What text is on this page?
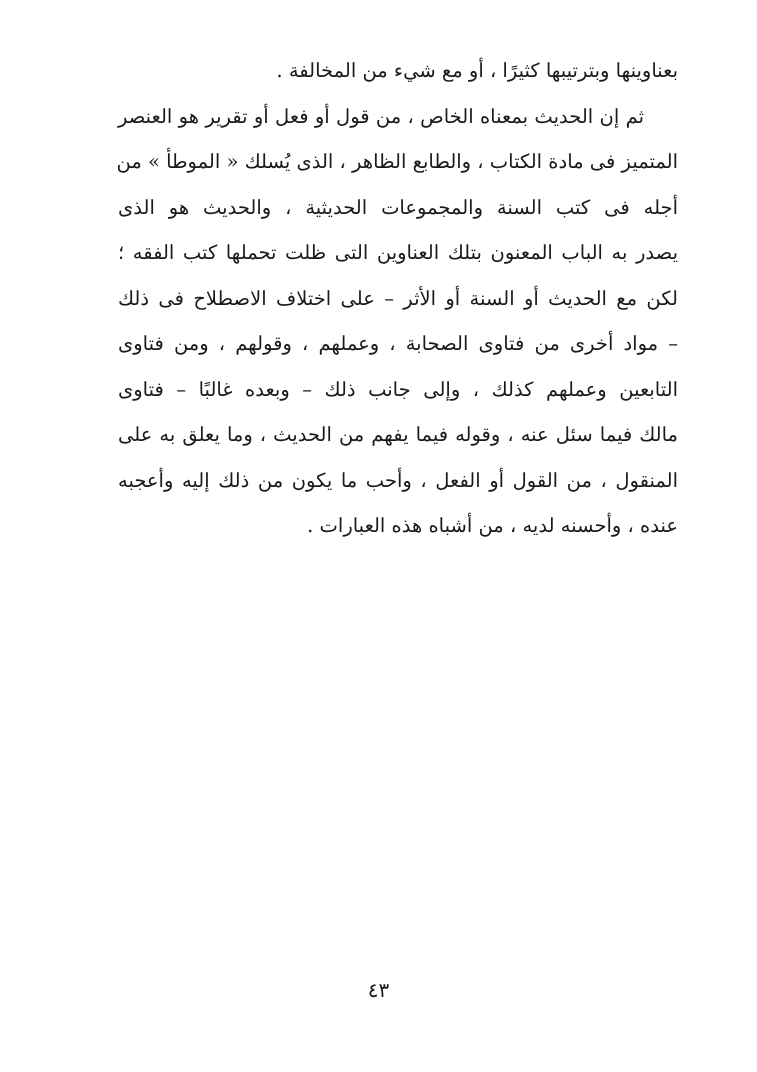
بعناوينها وبترتيبها كثيرًا ، أو مع شيء من المخالفة .
ثم إن الحديث بمعناه الخاص ، من قول أو فعل أو تقرير هو العنصر
المتميز فى مادة الكتاب ، والطابع الظاهر ، الذى يُسلك « الموطأ » من
أجله فى كتب السنة والمجموعات الحديثية ، والحديث هو الذى
يصدر به الباب المعنون بتلك العناوين التى ظلت تحملها كتب الفقه ؛
لكن مع الحديث أو السنة أو الأثر – على اختلاف الاصطلاح فى ذلك
– مواد أخرى من فتاوى الصحابة ، وعملهم ، وقولهم ، ومن فتاوى
التابعين وعملهم كذلك ، وإلى جانب ذلك – وبعده غالبًا – فتاوى
مالك فيما سئل عنه ، وقوله فيما يفهم من الحديث ، وما يعلق به على
المنقول ، من القول أو الفعل ، وأحب ما يكون من ذلك إليه وأعجبه
عنده ، وأحسنه لديه ، من أشباه هذه العبارات .
٤٣
